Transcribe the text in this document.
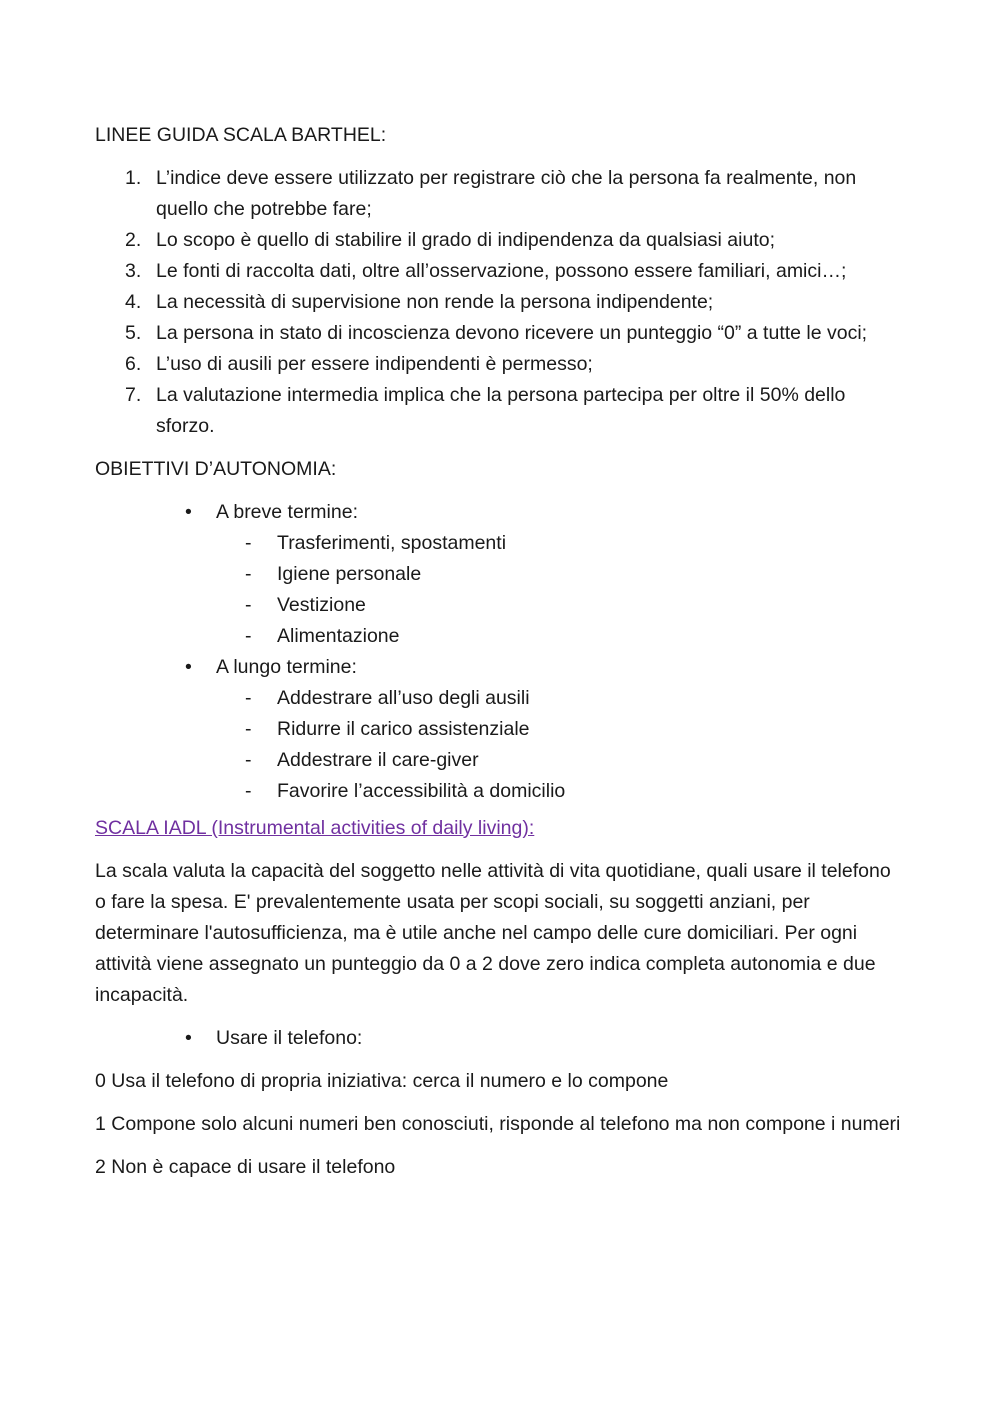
LINEE GUIDA SCALA BARTHEL:

1. L’indice deve essere utilizzato per registrare ciò che la persona fa realmente, non quello che potrebbe fare;
2. Lo scopo è quello di stabilire il grado di indipendenza da qualsiasi aiuto;
3. Le fonti di raccolta dati, oltre all’osservazione, possono essere familiari, amici…;
4. La necessità di supervisione non rende la persona indipendente;
5. La persona in stato di incoscienza devono ricevere un punteggio “0” a tutte le voci;
6. L’uso di ausili per essere indipendenti è permesso;
7. La valutazione intermedia implica che la persona partecipa per oltre il 50% dello sforzo.

OBIETTIVI D’AUTONOMIA:

• A breve termine:
- Trasferimenti, spostamenti
- Igiene personale
- Vestizione
- Alimentazione
• A lungo termine:
- Addestrare all’uso degli ausili
- Ridurre il carico assistenziale
- Addestrare il care-giver
- Favorire l’accessibilità a domicilio

SCALA IADL (Instrumental activities of daily living):

La scala valuta la capacità del soggetto nelle attività di vita quotidiane, quali usare il telefono o fare la spesa. E' prevalentemente usata per scopi sociali, su soggetti anziani, per determinare l'autosufficienza, ma è utile anche nel campo delle cure domiciliari. Per ogni attività viene assegnato un punteggio da 0 a 2 dove zero indica completa autonomia e due incapacità.

• Usare il telefono:

0 Usa il telefono di propria iniziativa: cerca il numero e lo compone

1 Compone solo alcuni numeri ben conosciuti, risponde al telefono ma non compone i numeri

2 Non è capace di usare il telefono
